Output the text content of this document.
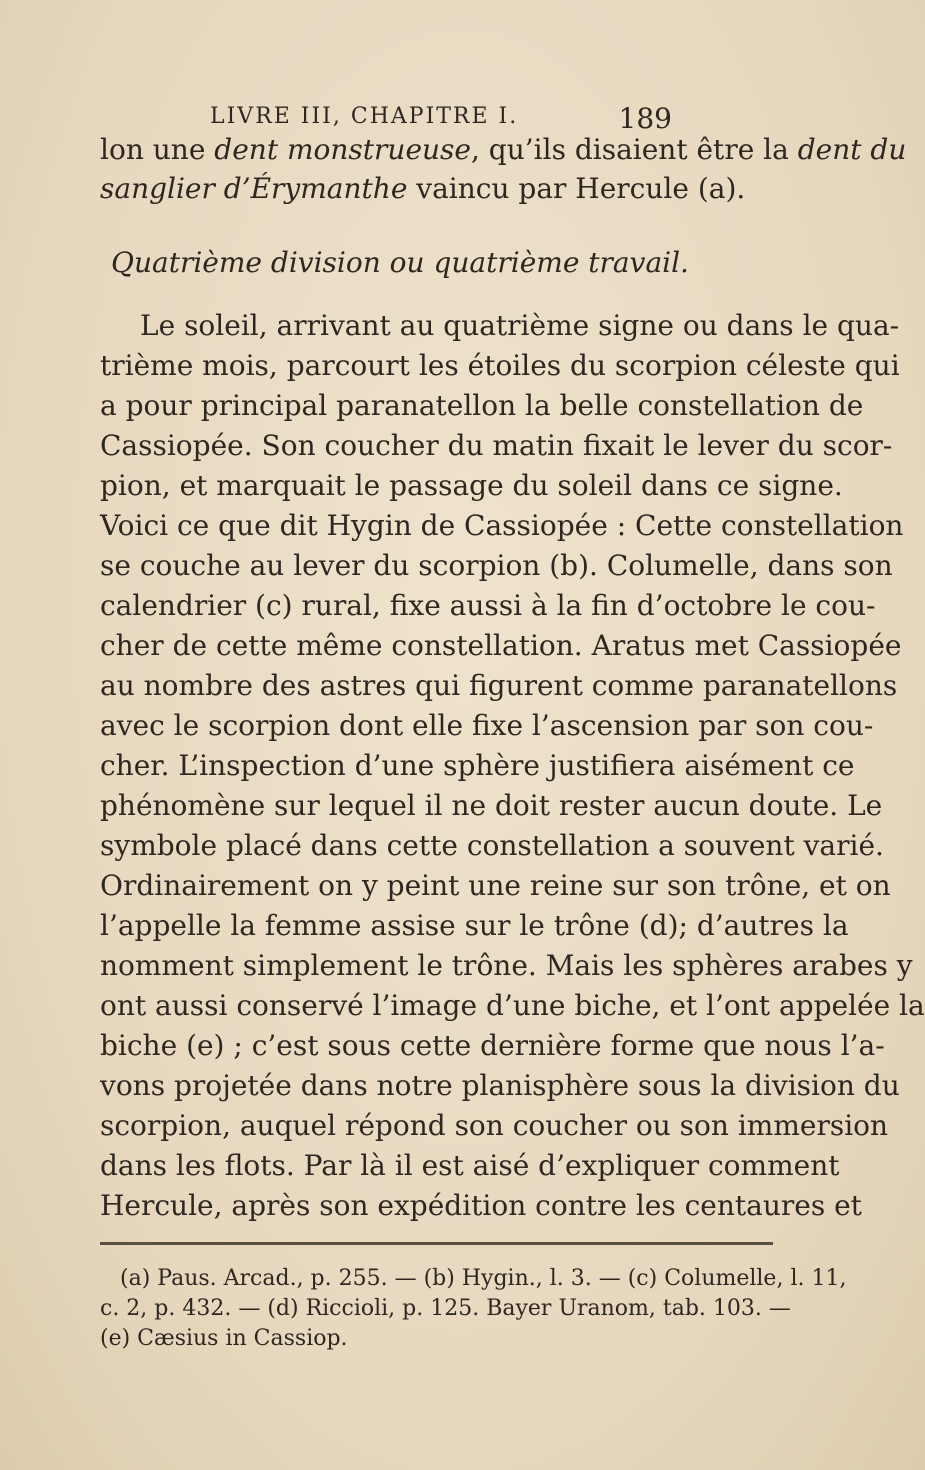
LIVRE III, CHAPITRE I.	189
lon une dent monstrueuse, qu’ils disaient être la dent du
sanglier d’Érymanthe vaincu par Hercule (a).
Quatrième division ou quatrième travail.
Le soleil, arrivant au quatrième signe ou dans le qua-
trième mois, parcourt les étoiles du scorpion céleste qui
a pour principal paranatellon la belle constellation de
Cassiopée. Son coucher du matin fixait le lever du scor-
pion, et marquait le passage du soleil dans ce signe.
Voici ce que dit Hygin de Cassiopée : Cette constellation
se couche au lever du scorpion (b). Columelle, dans son
calendrier (c) rural, fixe aussi à la fin d’octobre le cou-
cher de cette même constellation. Aratus met Cassiopée
au nombre des astres qui figurent comme paranatellons
avec le scorpion dont elle fixe l’ascension par son cou-
cher. L’inspection d’une sphère justifiera aisément ce
phénomène sur lequel il ne doit rester aucun doute. Le
symbole placé dans cette constellation a souvent varié.
Ordinairement on y peint une reine sur son trône, et on
l’appelle la femme assise sur le trône (d); d’autres la
nomment simplement le trône. Mais les sphères arabes y
ont aussi conservé l’image d’une biche, et l’ont appelée la
biche (e) ; c’est sous cette dernière forme que nous l’a-
vons projetée dans notre planisphère sous la division du
scorpion, auquel répond son coucher ou son immersion
dans les flots. Par là il est aisé d’expliquer comment
Hercule, après son expédition contre les centaures et
(a) Paus. Arcad., p. 255. — (b) Hygin., l. 3. — (c) Columelle, l. 11,
c. 2, p. 432. — (d) Riccioli, p. 125. Bayer Uranom, tab. 103. —
(e) Cæsius in Cassiop.
